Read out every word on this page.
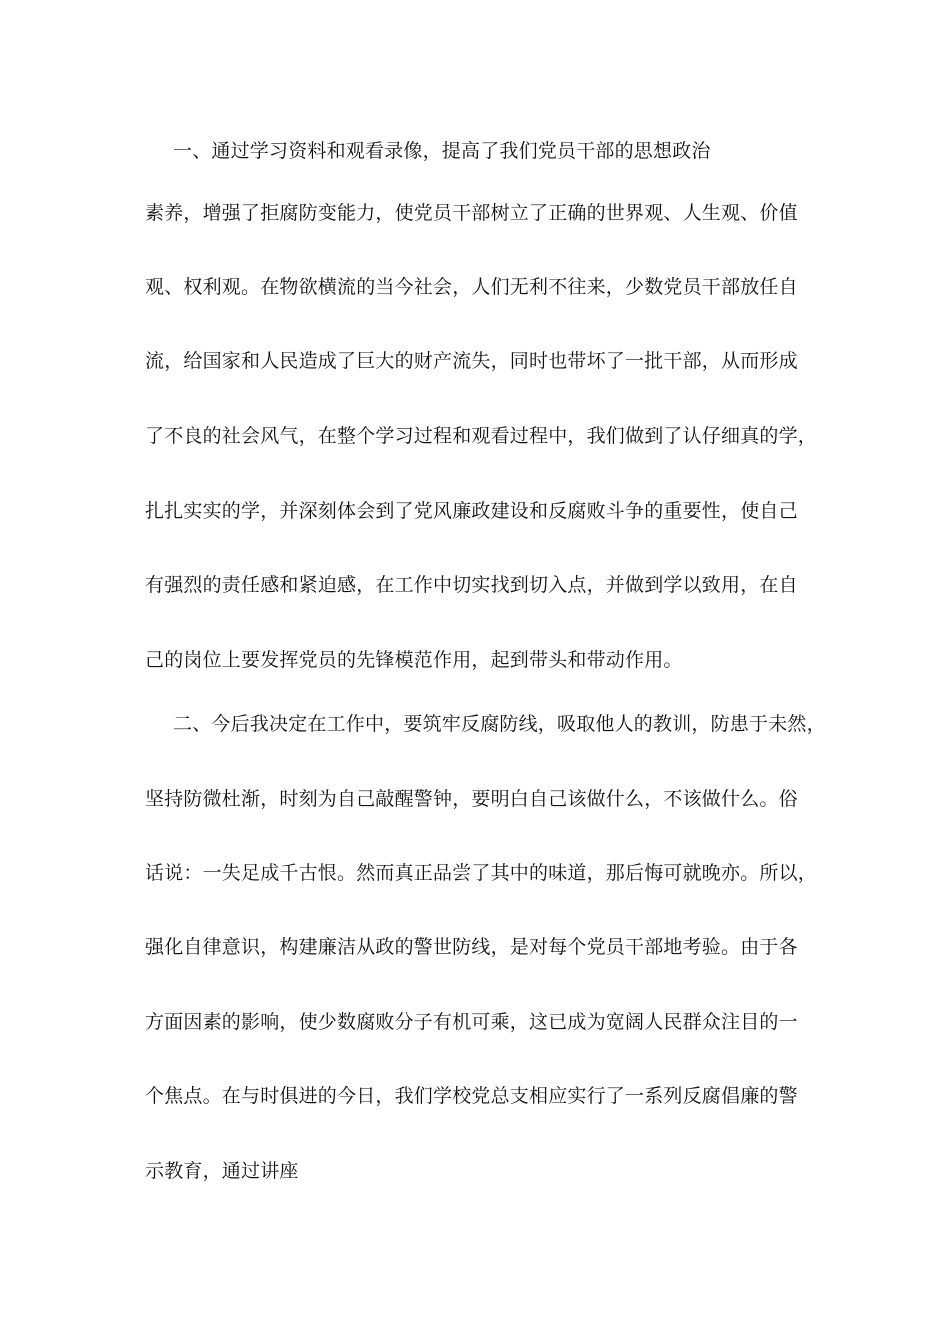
一、通过学习资料和观看录像，提高了我们党员干部的思想政治
素养，增强了拒腐防变能力，使党员干部树立了正确的世界观、人生观、价值
观、权利观。在物欲横流的当今社会，人们无利不往来，少数党员干部放任自
流，给国家和人民造成了巨大的财产流失，同时也带坏了一批干部，从而形成
了不良的社会风气，在整个学习过程和观看过程中，我们做到了认仔细真的学，
扎扎实实的学，并深刻体会到了党风廉政建设和反腐败斗争的重要性，使自己
有强烈的责任感和紧迫感，在工作中切实找到切入点，并做到学以致用，在自
己的岗位上要发挥党员的先锋模范作用，起到带头和带动作用。
二、今后我决定在工作中，要筑牢反腐防线，吸取他人的教训，防患于未然，
坚持防微杜渐，时刻为自己敲醒警钟，要明白自己该做什么，不该做什么。俗
话说：一失足成千古恨。然而真正品尝了其中的味道，那后悔可就晚亦。所以，
强化自律意识，构建廉洁从政的警世防线，是对每个党员干部地考验。由于各
方面因素的影响，使少数腐败分子有机可乘，这已成为宽阔人民群众注目的一
个焦点。在与时俱进的今日，我们学校党总支相应实行了一系列反腐倡廉的警
示教育，通过讲座
